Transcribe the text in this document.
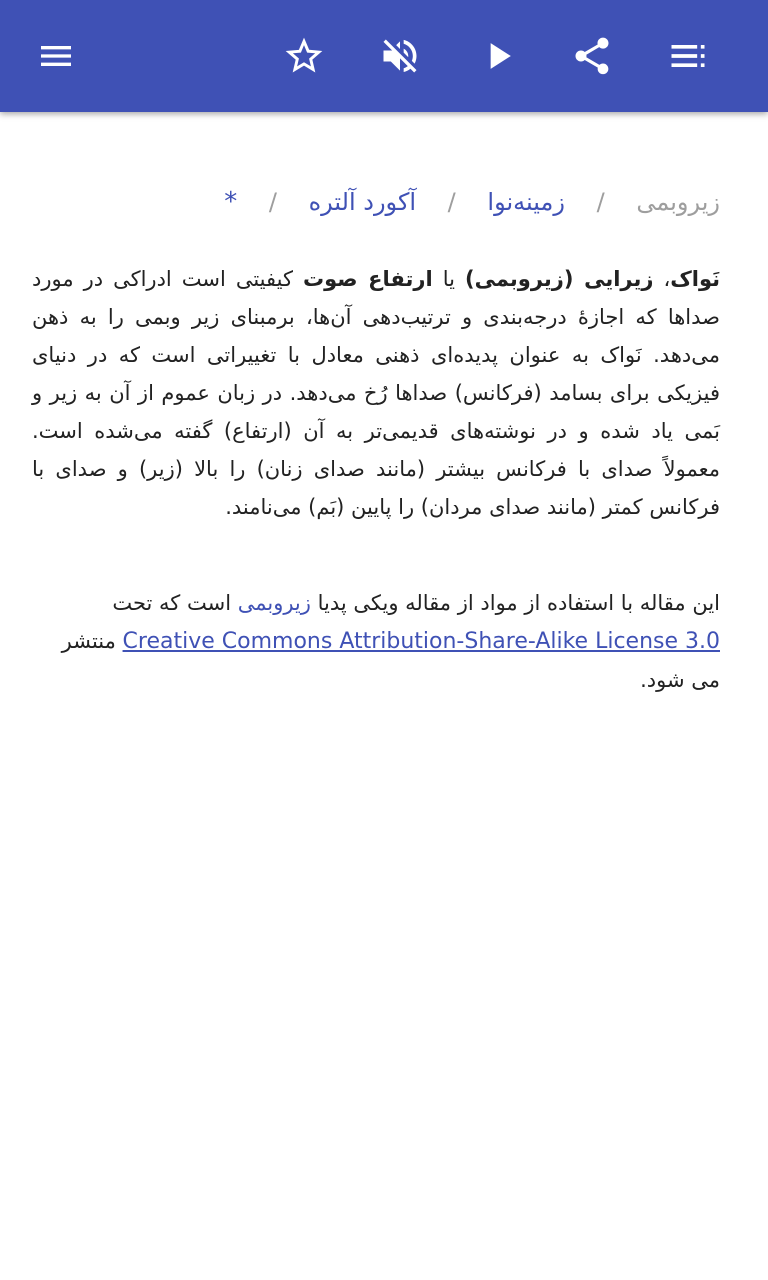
زیروبمی / زمینه‌نوا / آکورد آلتره / *

نَواک، زیرایی (زیروبمی) یا ارتفاع صوت کیفیتی است ادراکی در مورد صداها که اجازهٔ درجه‌بندی و ترتیب‌دهی آن‌ها، برمبنای زیر وبمی را به ذهن می‌دهد. نَواک به عنوان پدیده‌ای ذهنی معادل با تغییراتی است که در دنیای فیزیکی برای بسامد (فرکانس) صداها رُخ می‌دهد. در زبان عموم از آن به زیر و بَمی یاد شده و در نوشته‌های قدیمی‌تر به آن (ارتفاع) گفته می‌شده است. معمولاً صدای با فرکانس بیشتر (مانند صدای زنان) را بالا (زیر) و صدای با فرکانس کمتر (مانند صدای مردان) را پایین (بَم) می‌نامند.

این مقاله با استفاده از مواد از مقاله ویکی پدیا زیروبمی است که تحت Creative Commons Attribution-Share-Alike License 3.0 منتشر می شود.
